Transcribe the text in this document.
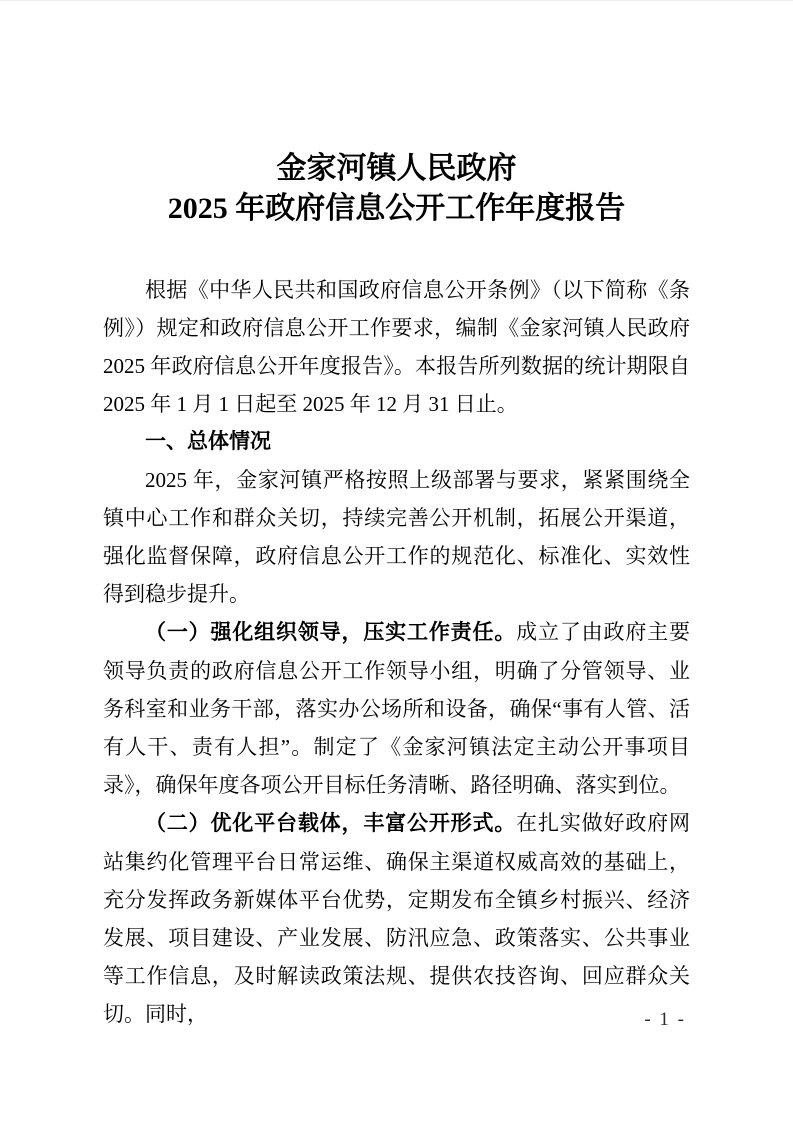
金家河镇人民政府
2025 年政府信息公开工作年度报告

根据《中华人民共和国政府信息公开条例》（以下简称《条例》）规定和政府信息公开工作要求，编制《金家河镇人民政府 2025 年政府信息公开年度报告》。本报告所列数据的统计期限自 2025 年 1 月 1 日起至 2025 年 12 月 31 日止。

一、总体情况

2025 年，金家河镇严格按照上级部署与要求，紧紧围绕全镇中心工作和群众关切，持续完善公开机制，拓展公开渠道，强化监督保障，政府信息公开工作的规范化、标准化、实效性得到稳步提升。

（一）强化组织领导，压实工作责任。成立了由政府主要领导负责的政府信息公开工作领导小组，明确了分管领导、业务科室和业务干部，落实办公场所和设备，确保“事有人管、活有人干、责有人担”。制定了《金家河镇法定主动公开事项目录》，确保年度各项公开目标任务清晰、路径明确、落实到位。

（二）优化平台载体，丰富公开形式。在扎实做好政府网站集约化管理平台日常运维、确保主渠道权威高效的基础上，充分发挥政务新媒体平台优势，定期发布全镇乡村振兴、经济发展、项目建设、产业发展、防汛应急、政策落实、公共事业等工作信息，及时解读政策法规、提供农技咨询、回应群众关切。同时，	- 1 -
